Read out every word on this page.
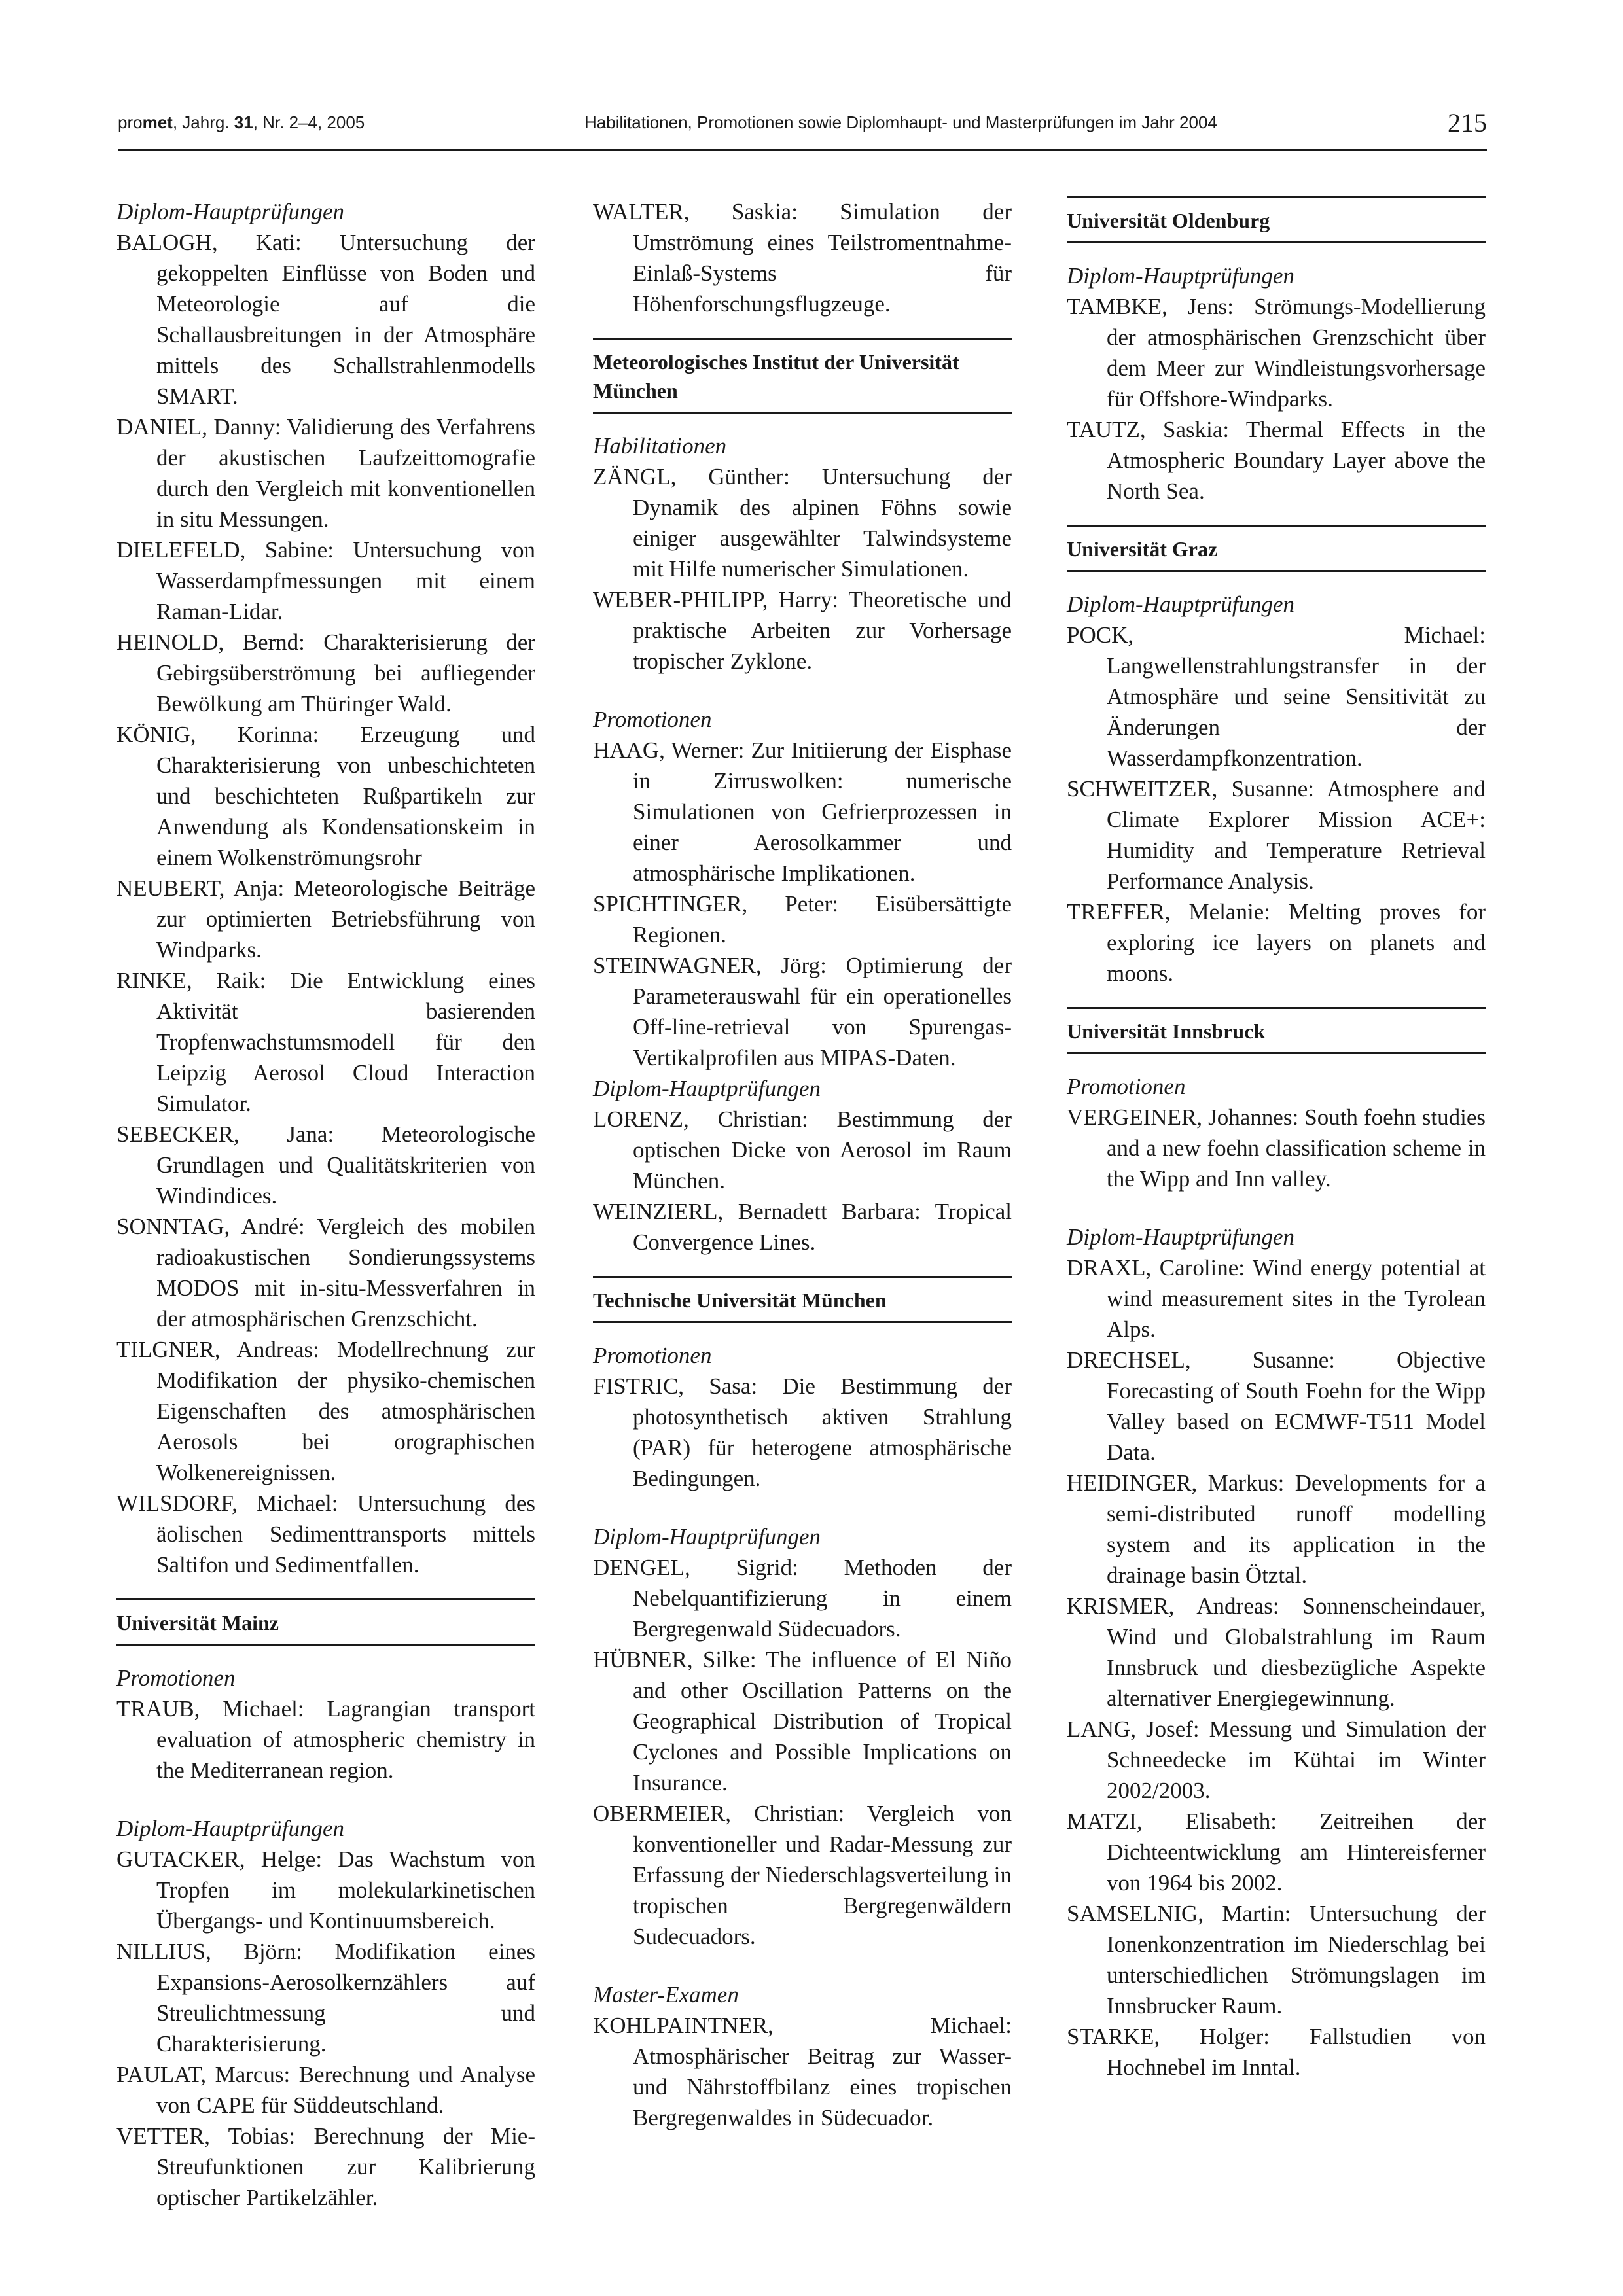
promet, Jahrg. 31, Nr. 2–4, 2005	Habilitationen, Promotionen sowie Diplomhaupt- und Masterprüfungen im Jahr 2004	215
Diplom-Hauptprüfungen
BALOGH, Kati: Untersuchung der gekoppelten Einflüsse von Boden und Meteorologie auf die Schallausbreitungen in der Atmosphäre mittels des Schallstrahlenmodells SMART.
DANIEL, Danny: Validierung des Verfahrens der akustischen Laufzeittomografie durch den Vergleich mit konventionellen in situ Messungen.
DIELEFELD, Sabine: Untersuchung von Wasserdampfmessungen mit einem Raman-Lidar.
HEINOLD, Bernd: Charakterisierung der Gebirgsüberströmung bei aufliegender Bewölkung am Thüringer Wald.
KÖNIG, Korinna: Erzeugung und Charakterisierung von unbeschichteten und beschichteten Rußpartikeln zur Anwendung als Kondensationskeim in einem Wolkenströmungsrohr
NEUBERT, Anja: Meteorologische Beiträge zur optimierten Betriebsführung von Windparks.
RINKE, Raik: Die Entwicklung eines Aktivität basierenden Tropfenwachstumsmodell für den Leipzig Aerosol Cloud Interaction Simulator.
SEBECKER, Jana: Meteorologische Grundlagen und Qualitätskriterien von Windindices.
SONNTAG, André: Vergleich des mobilen radioakustischen Sondierungssystems MODOS mit in-situ-Messverfahren in der atmosphärischen Grenzschicht.
TILGNER, Andreas: Modellrechnung zur Modifikation der physiko-chemischen Eigenschaften des atmosphärischen Aerosols bei orographischen Wolkenereignissen.
WILSDORF, Michael: Untersuchung des äolischen Sedimenttransports mittels Saltifon und Sedimentfallen.
Universität Mainz
Promotionen
TRAUB, Michael: Lagrangian transport evaluation of atmospheric chemistry in the Mediterranean region.
Diplom-Hauptprüfungen
GUTACKER, Helge: Das Wachstum von Tropfen im molekularkinetischen Übergangs- und Kontinuumsbereich.
NILLIUS, Björn: Modifikation eines Expansions-Aerosolkernzählers auf Streulichtmessung und Charakterisierung.
PAULAT, Marcus: Berechnung und Analyse von CAPE für Süddeutschland.
VETTER, Tobias: Berechnung der Mie-Streufunktionen zur Kalibrierung optischer Partikelzähler.
WALTER, Saskia: Simulation der Umströmung eines Teilstromentnahme-Einlaß-Systems für Höhenforschungsflugzeuge.
Meteorologisches Institut der Universität München
Habilitationen
ZÄNGL, Günther: Untersuchung der Dynamik des alpinen Föhns sowie einiger ausgewählter Talwindsysteme mit Hilfe numerischer Simulationen.
WEBER-PHILIPP, Harry: Theoretische und praktische Arbeiten zur Vorhersage tropischer Zyklone.
Promotionen
HAAG, Werner: Zur Initiierung der Eisphase in Zirruswolken: numerische Simulationen von Gefrierprozessen in einer Aerosolkammer und atmosphärische Implikationen.
SPICHTINGER, Peter: Eisübersättigte Regionen.
STEINWAGNER, Jörg: Optimierung der Parameterauswahl für ein operationelles Off-line-retrieval von Spurengas-Vertikalprofilen aus MIPAS-Daten.
Diplom-Hauptprüfungen
LORENZ, Christian: Bestimmung der optischen Dicke von Aerosol im Raum München.
WEINZIERL, Bernadett Barbara: Tropical Convergence Lines.
Technische Universität München
Promotionen
FISTRIC, Sasa: Die Bestimmung der photosynthetisch aktiven Strahlung (PAR) für heterogene atmosphärische Bedingungen.
Diplom-Hauptprüfungen
DENGEL, Sigrid: Methoden der Nebelquantifizierung in einem Bergregenwald Südecuadors.
HÜBNER, Silke: The influence of El Niño and other Oscillation Patterns on the Geographical Distribution of Tropical Cyclones and Possible Implications on Insurance.
OBERMEIER, Christian: Vergleich von konventioneller und Radar-Messung zur Erfassung der Niederschlagsverteilung in tropischen Bergregenwäldern Sudecuadors.
Master-Examen
KOHLPAINTNER, Michael: Atmosphärischer Beitrag zur Wasser- und Nährstoffbilanz eines tropischen Bergregenwaldes in Südecuador.
Universität Oldenburg
Diplom-Hauptprüfungen
TAMBKE, Jens: Strömungs-Modellierung der atmosphärischen Grenzschicht über dem Meer zur Windleistungsvorhersage für Offshore-Windparks.
TAUTZ, Saskia: Thermal Effects in the Atmospheric Boundary Layer above the North Sea.
Universität Graz
Diplom-Hauptprüfungen
POCK, Michael: Langwellenstrahlungstransfer in der Atmosphäre und seine Sensitivität zu Änderungen der Wasserdampfkonzentration.
SCHWEITZER, Susanne: Atmosphere and Climate Explorer Mission ACE+: Humidity and Temperature Retrieval Performance Analysis.
TREFFER, Melanie: Melting proves for exploring ice layers on planets and moons.
Universität Innsbruck
Promotionen
VERGEINER, Johannes: South foehn studies and a new foehn classification scheme in the Wipp and Inn valley.
Diplom-Hauptprüfungen
DRAXL, Caroline: Wind energy potential at wind measurement sites in the Tyrolean Alps.
DRECHSEL, Susanne: Objective Forecasting of South Foehn for the Wipp Valley based on ECMWF-T511 Model Data.
HEIDINGER, Markus: Developments for a semi-distributed runoff modelling system and its application in the drainage basin Ötztal.
KRISMER, Andreas: Sonnenscheindauer, Wind und Globalstrahlung im Raum Innsbruck und diesbezügliche Aspekte alternativer Energiegewinnung.
LANG, Josef: Messung und Simulation der Schneedecke im Kühtai im Winter 2002/2003.
MATZI, Elisabeth: Zeitreihen der Dichteentwicklung am Hintereisferner von 1964 bis 2002.
SAMSELNIG, Martin: Untersuchung der Ionenkonzentration im Niederschlag bei unterschiedlichen Strömungslagen im Innsbrucker Raum.
STARKE, Holger: Fallstudien von Hochnebel im Inntal.
